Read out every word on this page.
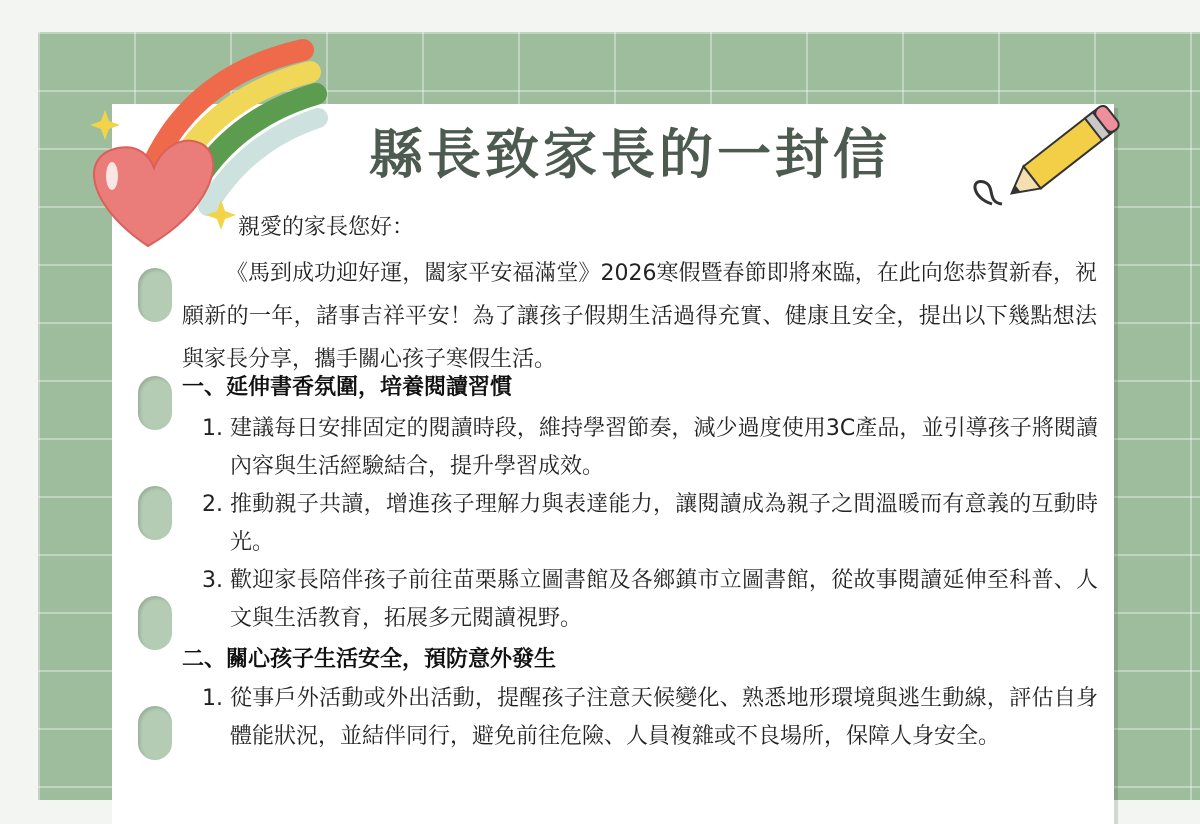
縣長致家長的一封信

親愛的家長您好：

《馬到成功迎好運，闔家平安福滿堂》2026寒假暨春節即將來臨，在此向您恭賀新春，祝願新的一年，諸事吉祥平安！為了讓孩子假期生活過得充實、健康且安全，提出以下幾點想法與家長分享，攜手關心孩子寒假生活。

一、延伸書香氛圍，培養閱讀習慣
1. 建議每日安排固定的閱讀時段，維持學習節奏，減少過度使用3C產品，並引導孩子將閱讀內容與生活經驗結合，提升學習成效。
2. 推動親子共讀，增進孩子理解力與表達能力，讓閱讀成為親子之間溫暖而有意義的互動時光。
3. 歡迎家長陪伴孩子前往苗栗縣立圖書館及各鄉鎮市立圖書館，從故事閱讀延伸至科普、人文與生活教育，拓展多元閱讀視野。
二、關心孩子生活安全，預防意外發生
1. 從事戶外活動或外出活動，提醒孩子注意天候變化、熟悉地形環境與逃生動線，評估自身體能狀況，並結伴同行，避免前往危險、人員複雜或不良場所，保障人身安全。
